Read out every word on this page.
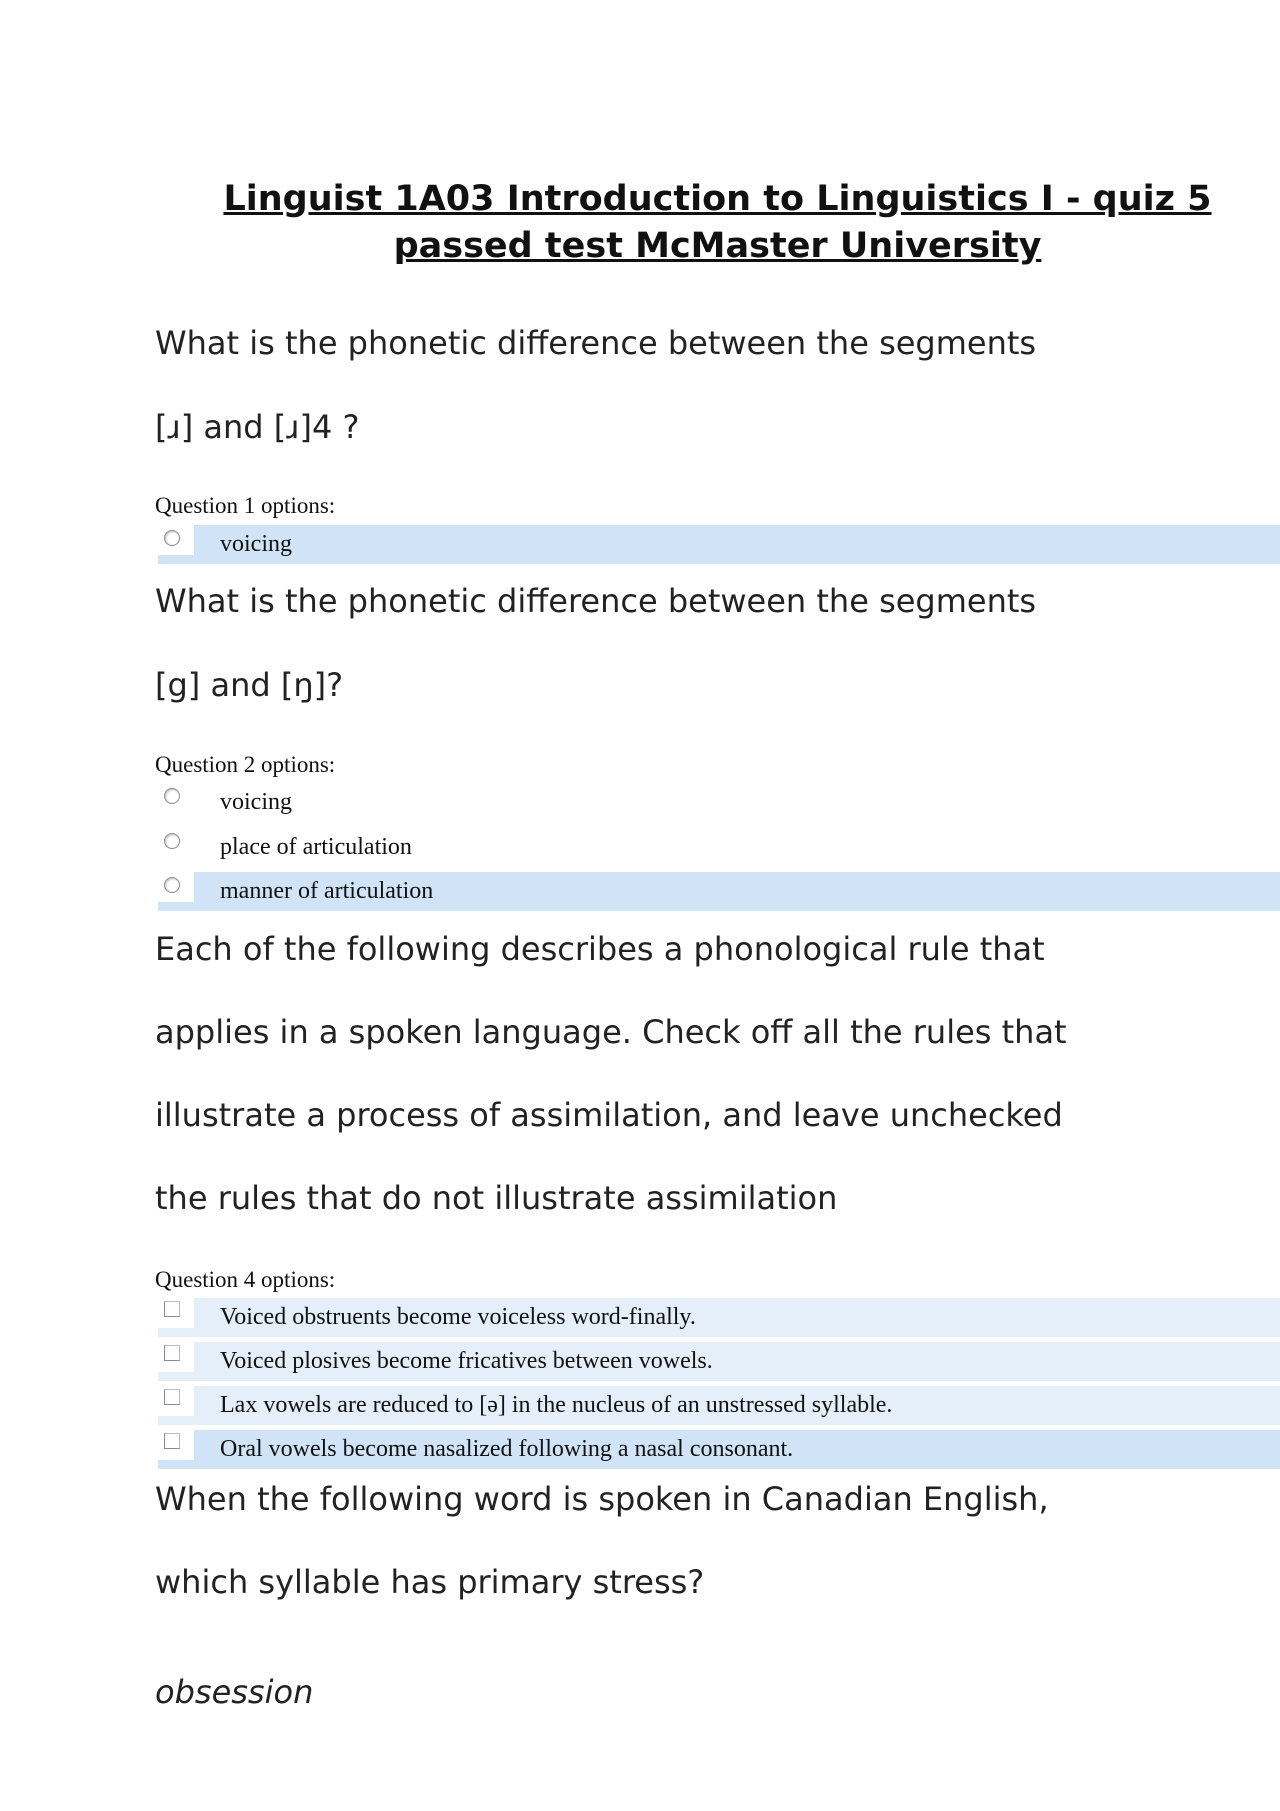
Linguist 1A03 Introduction to Linguistics I - quiz 5 passed test McMaster University

What is the phonetic difference between the segments

[ɹ] and [ɹ]4 ?

Question 1 options:

voicing

What is the phonetic difference between the segments

[g] and [ŋ]?

Question 2 options:

voicing
place of articulation
manner of articulation

Each of the following describes a phonological rule that

applies in a spoken language. Check off all the rules that

illustrate a process of assimilation, and leave unchecked

the rules that do not illustrate assimilation

Question 4 options:

Voiced obstruents become voiceless word-finally.
Voiced plosives become fricatives between vowels.
Lax vowels are reduced to [ə] in the nucleus of an unstressed syllable.
Oral vowels become nasalized following a nasal consonant.

When the following word is spoken in Canadian English,

which syllable has primary stress?

obsession
